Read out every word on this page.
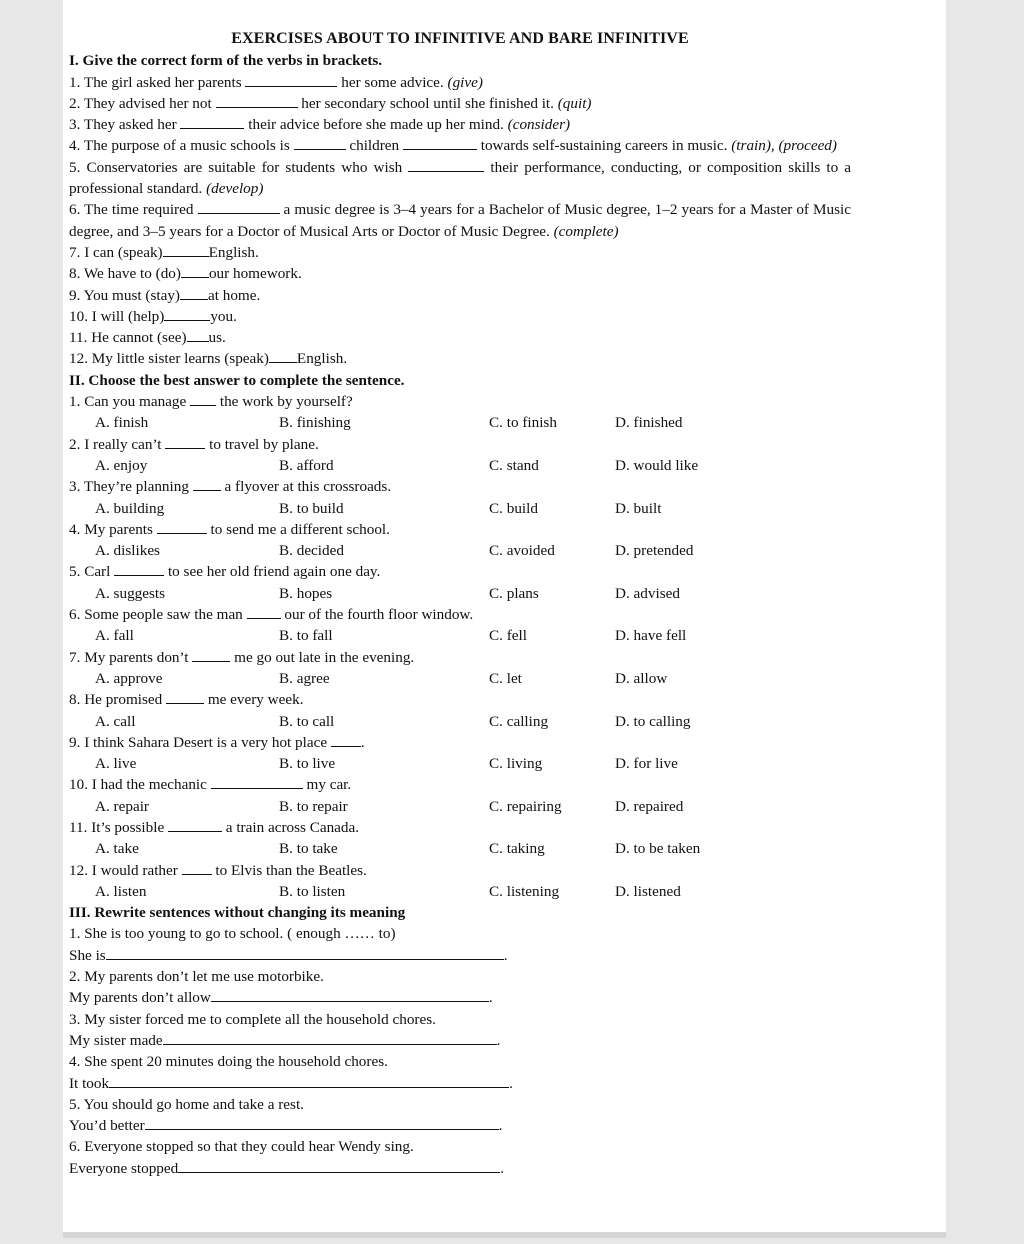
EXERCISES ABOUT TO INFINITIVE AND BARE INFINITIVE
I. Give the correct form of the verbs in brackets.
1. The girl asked her parents	her some advice. (give)
2. They advised her not	her secondary school until she finished it. (quit)
3. They asked her	their advice before she made up her mind. (consider)
4. The purpose of a music schools is	children	towards self-sustaining careers in music. (train), (proceed)
5. Conservatories are suitable for students who wish	their performance, conducting, or composition skills to a professional standard. (develop)
6. The time required	a music degree is 3–4 years for a Bachelor of Music degree, 1–2 years for a Master of Music degree, and 3–5 years for a Doctor of Musical Arts or Doctor of Music Degree. (complete)
7. I can (speak)	English.
8. We have to (do) our homework.
9. You must (stay) at home.
10. I will (help)	you.
11. He cannot (see) us.
12. My little sister learns (speak) English.
II. Choose the best answer to complete the sentence.
1. Can you manage  the work by yourself?
A. finish	B. finishing	C. to finish	D. finished
2. I really can’t	to travel by plane.
A. enjoy	B. afford	C. stand	D. would like
3. They’re planning  a flyover at this crossroads.
A. building	B. to build	C. build	D. built
4. My parents	to send me a different school.
A. dislikes	B. decided	C. avoided	D. pretended
5. Carl	to see her old friend again one day.
A. suggests	B. hopes	C. plans	D. advised
6. Some people saw the man  our of the fourth floor window.
A. fall	B. to fall	C. fell	D. have fell
7. My parents don’t	me go out late in the evening.
A. approve	B. agree	C. let	D. allow
8. He promised	me every week.
A. call	B. to call	C. calling	D. to calling
9. I think Sahara Desert is a very hot place .
A. live	B. to live	C. living	D. for live
10. I had the mechanic	my car.
A. repair	B. to repair	C. repairing	D. repaired
11. It’s possible	a train across Canada.
A. take	B. to take	C. taking	D. to be taken
12. I would rather  to Elvis than the Beatles.
A. listen	B. to listen	C. listening	D. listened
III. Rewrite sentences without changing its meaning
1. She is too young to go to school. ( enough …… to)
She is	.
2. My parents don’t let me use motorbike.
My parents don’t allow	.
3. My sister forced me to complete all the household chores.
My sister made	.
4. She spent 20 minutes doing the household chores.
It took	.
5. You should go home and take a rest.
You’d better	.
6. Everyone stopped so that they could hear Wendy sing.
Everyone stopped	.
